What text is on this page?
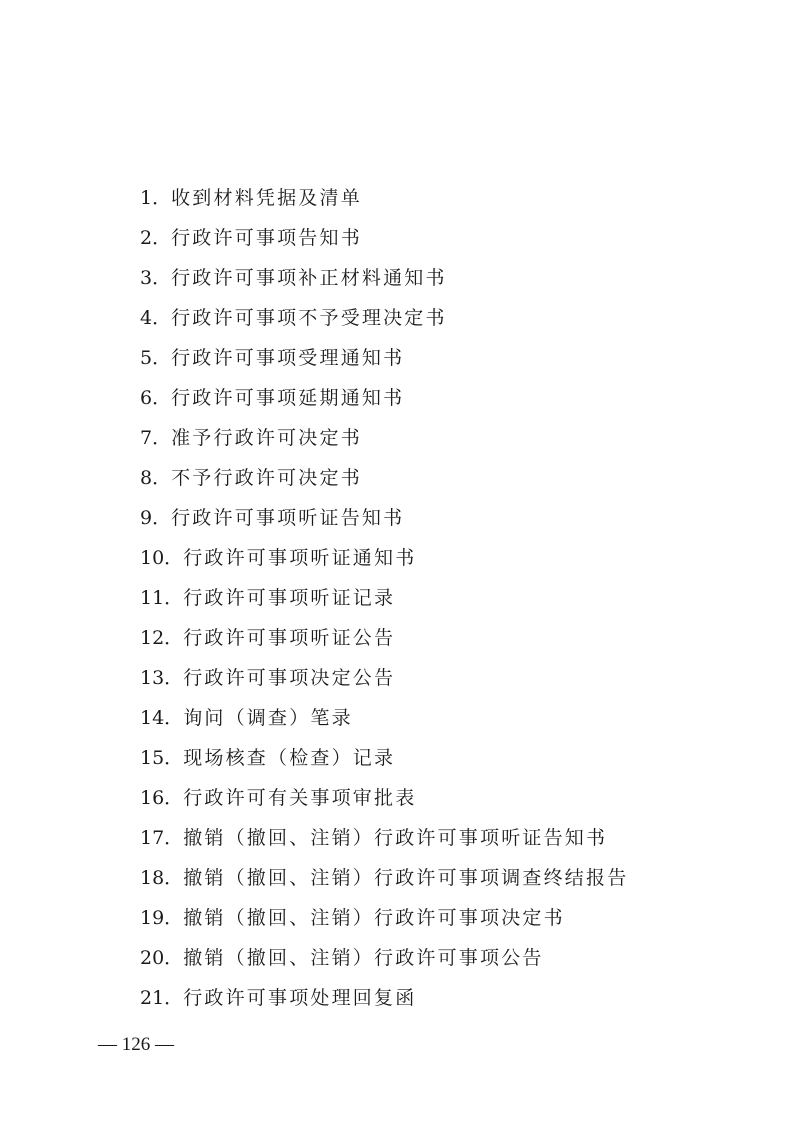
1．收到材料凭据及清单
2．行政许可事项告知书
3．行政许可事项补正材料通知书
4．行政许可事项不予受理决定书
5．行政许可事项受理通知书
6．行政许可事项延期通知书
7．准予行政许可决定书
8．不予行政许可决定书
9．行政许可事项听证告知书
10．行政许可事项听证通知书
11．行政许可事项听证记录
12．行政许可事项听证公告
13．行政许可事项决定公告
14．询问（调查）笔录
15．现场核查（检查）记录
16．行政许可有关事项审批表
17．撤销（撤回、注销）行政许可事项听证告知书
18．撤销（撤回、注销）行政许可事项调查终结报告
19．撤销（撤回、注销）行政许可事项决定书
20．撤销（撤回、注销）行政许可事项公告
21．行政许可事项处理回复函
— 126 —
